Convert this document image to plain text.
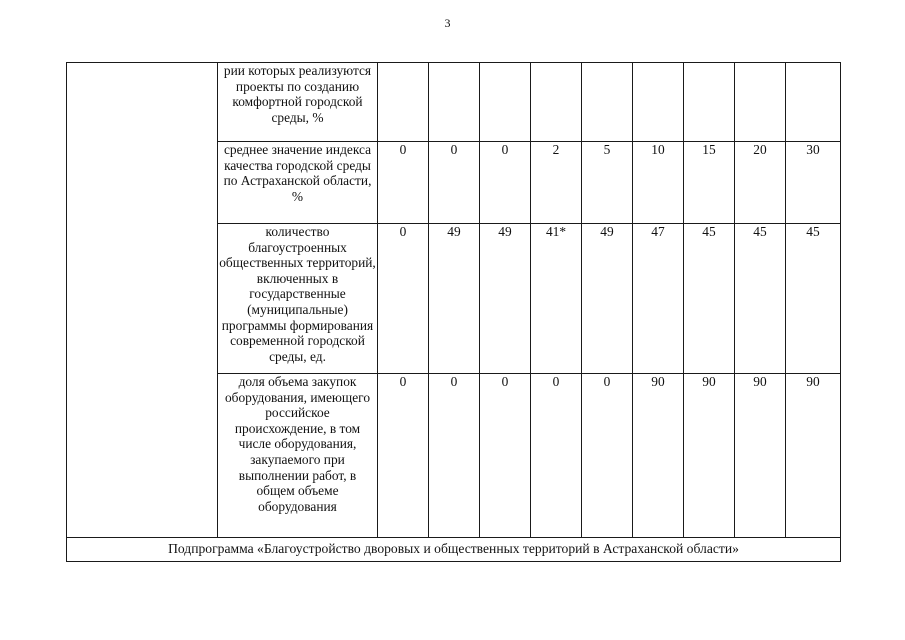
3
	рии которых реализуются проекты по созданию комфортной городской среды, %									
	среднее значение индекса качества городской среды по Астраханской области, %	0	0	0	2	5	10	15	20	30
	количество благоустроенных общественных территорий, включенных в государственные (муниципальные) программы формирования современной городской среды, ед.	0	49	49	41*	49	47	45	45	45
	доля объема закупок оборудования, имеющего российское происхождение, в том числе оборудования, закупаемого при выполнении работ, в общем объеме оборудования	0	0	0	0	0	90	90	90	90
Подпрограмма «Благоустройство дворовых и общественных территорий в Астраханской области»										
